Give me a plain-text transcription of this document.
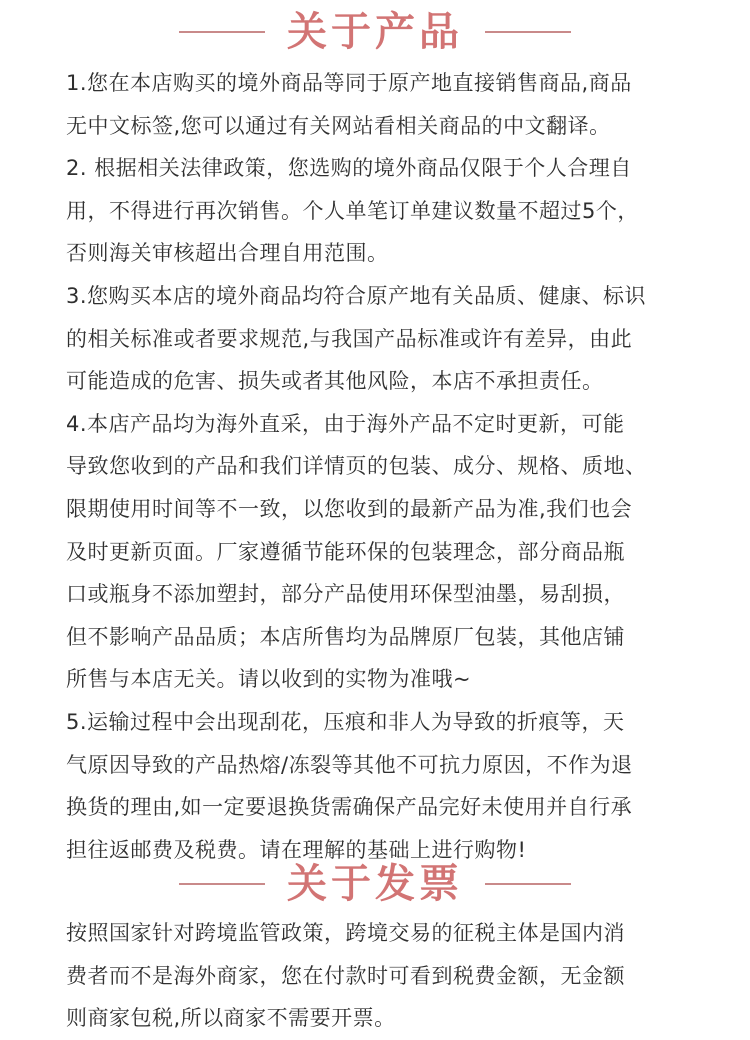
关于产品

1.您在本店购买的境外商品等同于原产地直接销售商品,商品

无中文标签,您可以通过有关网站看相关商品的中文翻译。

2. 根据相关法律政策，您选购的境外商品仅限于个人合理自

用，不得进行再次销售。个人单笔订单建议数量不超过5个，

否则海关审核超出合理自用范围。

3.您购买本店的境外商品均符合原产地有关品质、健康、标识

的相关标准或者要求规范,与我国产品标准或许有差异，由此

可能造成的危害、损失或者其他风险，本店不承担责任。

4.本店产品均为海外直采，由于海外产品不定时更新，可能

导致您收到的产品和我们详情页的包装、成分、规格、质地、

限期使用时间等不一致，以您收到的最新产品为准,我们也会

及时更新页面。厂家遵循节能环保的包装理念，部分商品瓶

口或瓶身不添加塑封，部分产品使用环保型油墨，易刮损，

但不影响产品品质；本店所售均为品牌原厂包装，其他店铺

所售与本店无关。请以收到的实物为准哦~

5.运输过程中会出现刮花，压痕和非人为导致的折痕等，天

气原因导致的产品热熔/冻裂等其他不可抗力原因，不作为退

换货的理由,如一定要退换货需确保产品完好未使用并自行承

担往返邮费及税费。请在理解的基础上进行购物!

关于发票

按照国家针对跨境监管政策，跨境交易的征税主体是国内消

费者而不是海外商家，您在付款时可看到税费金额，无金额

则商家包税,所以商家不需要开票。
